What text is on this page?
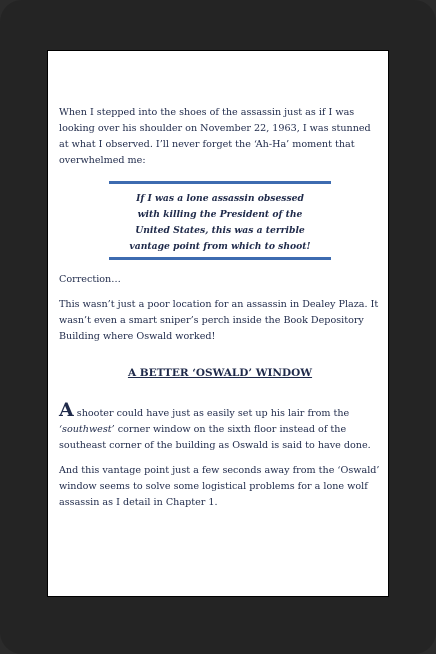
When I stepped into the shoes of the assassin just as if I was looking over his shoulder on November 22, 1963, I was stunned at what I observed. I’ll never forget the ‘Ah-Ha’ moment that overwhelmed me:

If I was a lone assassin obsessed
with killing the President of the
United States, this was a terrible
vantage point from which to shoot!

Correction…

This wasn’t just a poor location for an assassin in Dealey Plaza. It wasn’t even a smart sniper’s perch inside the Book Depository Building where Oswald worked!

A BETTER ‘OSWALD’ WINDOW

A shooter could have just as easily set up his lair from the ‘southwest’ corner window on the sixth floor instead of the southeast corner of the building as Oswald is said to have done.

And this vantage point just a few seconds away from the ‘Oswald’ window seems to solve some logistical problems for a lone wolf assassin as I detail in Chapter 1.
